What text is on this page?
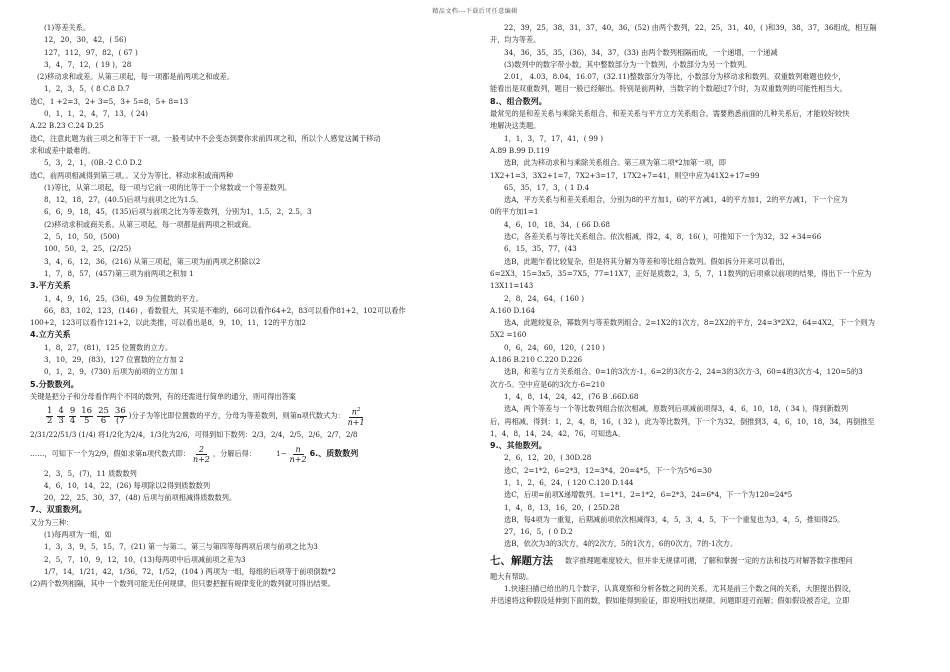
精品文档---下载后可任意编辑
(1)等差关系。
12，20，30，42，( 56)
127，112，97，82，( 67 )
3，4，7，12，( 19 )，28
(2)移动求和或差。从第三项起，每一项都是前两项之和或差。
1，2，3，5，( 8 C.8 D.7
选C，1 +2=3，2+ 3=5，3+ 5=8，5+ 8=13
0，1，1，2，4，7，13，( 24)
A.22 B.23 C.24 D.25
选C，注意此题为前三项之和等于下一项。一般考试中不会变态到要你求前四项之和，所以个人感觉这属于移动
求和或差中最难的。
5，3，2，1，(0B.-2 C.0 D.2
选C，前两项相减得到第三项。。又分为等比、移动求积或商两种
(1)等比，从第二项起，每一项与它前一项的比等于一个常数或一个等差数列。
8，12，18，27，(40.5)后项与前项之比为1.5。
6，6，9，18，45，(135)后项与前项之比为等差数列，分别为1，1.5，2，2.5，3
(2)移动求积或商关系。从第三项起，每一项都是前两项之积或商。
2，5，10，50，(500)
100，50，2，25，(2/25)
3，4，6，12，36，(216) 从第三项起，第三项为前两项之积除以2
1，7，8，57，(457)第三项为前两项之积加 1
3.平方关系
1，4，9，16，25，(36)，49 为位置数的平方。
66，83，102，123，(146) ，看数很大，其实是不难的，66可以看作64+2，83可以看作81+2，102可以看作
100+2，123可以看作121+2，以此类推，可以看出是8，9，10，11，12的平方加2
4.立方关系
1，8，27，(81)，125 位置数的立方。
3，10，29，(83)，127 位置数的立方加 2
0，1，2，9，(730) 后项为前项的立方加 1
5.分数数列。
关键是把分子和分母看作两个不同的数列，有的还需进行简单的通分，则可得出答案
1
2
4
3
9
4
16
5
25
6
36
(7
) 分子为等比即位置数的平方，分母为等差数列，则第n项代数式为： $n^2$
n+1
2/31/22/51/3 (1/4) 将1/2化为2/4，1/3化为2/6，可得到如下数列：2/3，2/4，2/5，2/6，2/7，2/8
……，可知下一个为2/9，假如求第n项代数式即：	2
n+2
，分解后得：	$1- \frac{n}{n+2} 6$.、质数数列
2，3，5，(7)，11 质数数列
4，6，10，14，22，(26) 每项除以2得到质数数列
20，22，25，30，37，(48) 后项与前项相减得质数数列。
7.、双重数列。
又分为三种：
(1)每两项为一组，如
1，3，3，9，5，15，7，(21) 第一与第二，第三与第四等每两项后项与前项之比为3
2，5，7，10，9，12，10，(13)每两项中后项减前项之差为3
1/7，14，1/21，42，1/36，72，1/52，(104 ) 两项为一组，每组的后项等于前项倒数*2
(2)两个数列相隔，其中一个数列可能无任何规律，但只要把握有规律变化的数列就可得出结果。
22，39，25，38，31，37，40，36，(52) 由两个数列，22，25，31，40，( )和39，38，37，36组成，相互隔
开，均为等差。
34，36，35，35，(36)，34，37，(33) 由两个数列相隔而成，一个递增，一个递减
(3)数列中的数字带小数，其中整数部分为一个数列，小数部分为另一个数列。
2.01， 4.03，8.04，16.07，(32.11)整数部分为等比，小数部分为移动求和数列。双重数列难题也较少，
能看出是双重数列，题目一般已经解出。特别是前两种，当数字的个数超过7个时，为双重数列的可能性相当大。
8.、组合数列。
最常见的是和差关系与乘除关系组合、和差关系与平方立方关系组合。需要熟悉前面的几种关系后，才能较好较快
地解决这类题。
1，1，3，7，17，41，( 99 )
A.89 B.99 D.119
选B，此为移动求和与乘除关系组合。第三项为第二项*2加第一项，即
1X2+1=3，3X2+1=7，7X2+3=17，17X2+7=41，则空中应为41X2+17=99
65，35，17，3，( 1 D.4
选A，平方关系与和差关系组合，分别为8的平方加1，6的平方减1，4的平方加1，2的平方减1，下一个应为
0的平方加1=1
4，6，10，18，34，( 66 D.68
选C，各差关系与等比关系组合。依次相减，得2，4，8，16( )，可推知下一个为32，32 +34=66
6，15，35，77，(43
选B，此题乍看比较复杂，但是将其分解为等差和等比组合数列。假如拆分开来可以看出，
6=2X3，15=3x5，35=7X5，77=11X7，正好是质数2，3，5，7，11数列的后项乘以前项的结果，得出下一个应为
13X11=143
2，8，24，64，( 160 )
A.160 D.164
选A，此题较复杂，幂数列与等差数列组合。2=1X2的1次方，8=2X2的平方，24=3*2X2，64=4X2，下一个则为
5X2 =160
0，6，24，60，120，( 210 )
A.186 B.210 C.220 D.226
选B，和差与立方关系组合。0=1的3次方-1，6=2的3次方-2，24=3的3次方-3，60=4的3次方-4，120=5的3
次方-5。空中应是6的3次方-6=210
1，4，8，14，24，42，(76 B .66D.68
选A，两个等差与一个等比数列组合依次相减，原数列后项减前项得3，4，6，10，18，( 34 )，得到新数列
后，再相减，得到：1，2，4，8，16，( 32 )，此为等比数列，下一个为32，倒推到3，4，6，10，18，34，再倒推至
1，4，8，14，24，42，76，可知选A。
9.、其他数列。
2，6，12，20，( 30D.28
选C，2=1*2，6=2*3，12=3*4，20=4*5，下一个为5*6=30
1，1，2，6，24，( 120 C.120 D.144
选C，后项=前项X递增数列。1=1*1，2=1*2，6=2*3，24=6*4，下一个为120=24*5
1，4，8，13，16，20，( 25D.28
选B，每4项为一重复，后期减前项依次相减得3，4，5，3，4，5，下一个重复也为3，4，5，推知得25。
27，16，5，( 0 D.2
选B，依次为3的3次方，4的2次方，5的1次方，6的0次方，7的-1次方。
七、解题方法 数字推理题难度较大，但并非无规律可循，了解和掌握一定的方法和技巧对解答数字推理问
题大有帮助。
1.快速扫描已给出的几个数字，认真观察和分析各数之间的关系，尤其是前三个数之间的关系，大胆提出假设，
并迅速将这种假设延伸到下面的数，假如能得到验证，即说明找出规律，问题即迎刃而解；假如假设被否定，立即
